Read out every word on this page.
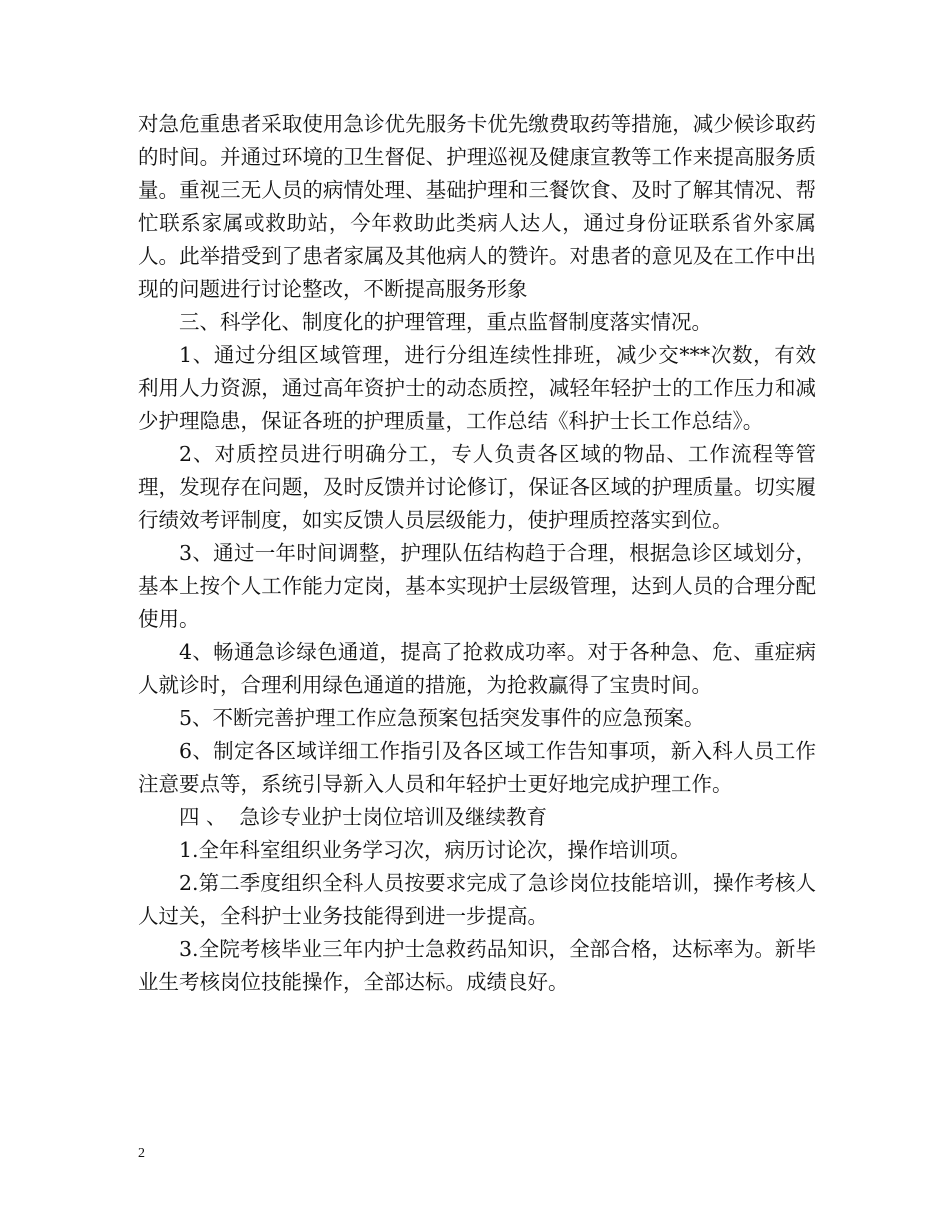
对急危重患者采取使用急诊优先服务卡优先缴费取药等措施，减少候诊取药的时间。并通过环境的卫生督促、护理巡视及健康宣教等工作来提高服务质量。重视三无人员的病情处理、基础护理和三餐饮食、及时了解其情况、帮忙联系家属或救助站，今年救助此类病人达人，通过身份证联系省外家属人。此举措受到了患者家属及其他病人的赞许。对患者的意见及在工作中出现的问题进行讨论整改，不断提高服务形象

三、科学化、制度化的护理管理，重点监督制度落实情况。

1、通过分组区域管理，进行分组连续性排班，减少交***次数，有效利用人力资源，通过高年资护士的动态质控，减轻年轻护士的工作压力和减少护理隐患，保证各班的护理质量，工作总结《科护士长工作总结》。

2、对质控员进行明确分工，专人负责各区域的物品、工作流程等管理，发现存在问题，及时反馈并讨论修订，保证各区域的护理质量。切实履行绩效考评制度，如实反馈人员层级能力，使护理质控落实到位。

3、通过一年时间调整，护理队伍结构趋于合理，根据急诊区域划分，基本上按个人工作能力定岗，基本实现护士层级管理，达到人员的合理分配使用。

4、畅通急诊绿色通道，提高了抢救成功率。对于各种急、危、重症病人就诊时，合理利用绿色通道的措施，为抢救赢得了宝贵时间。

5、不断完善护理工作应急预案包括突发事件的应急预案。

6、制定各区域详细工作指引及各区域工作告知事项，新入科人员工作注意要点等，系统引导新入人员和年轻护士更好地完成护理工作。

四 、  急诊专业护士岗位培训及继续教育

1.全年科室组织业务学习次，病历讨论次，操作培训项。

2.第二季度组织全科人员按要求完成了急诊岗位技能培训，操作考核人人过关，全科护士业务技能得到进一步提高。

3.全院考核毕业三年内护士急救药品知识，全部合格，达标率为。新毕业生考核岗位技能操作，全部达标。成绩良好。

2
